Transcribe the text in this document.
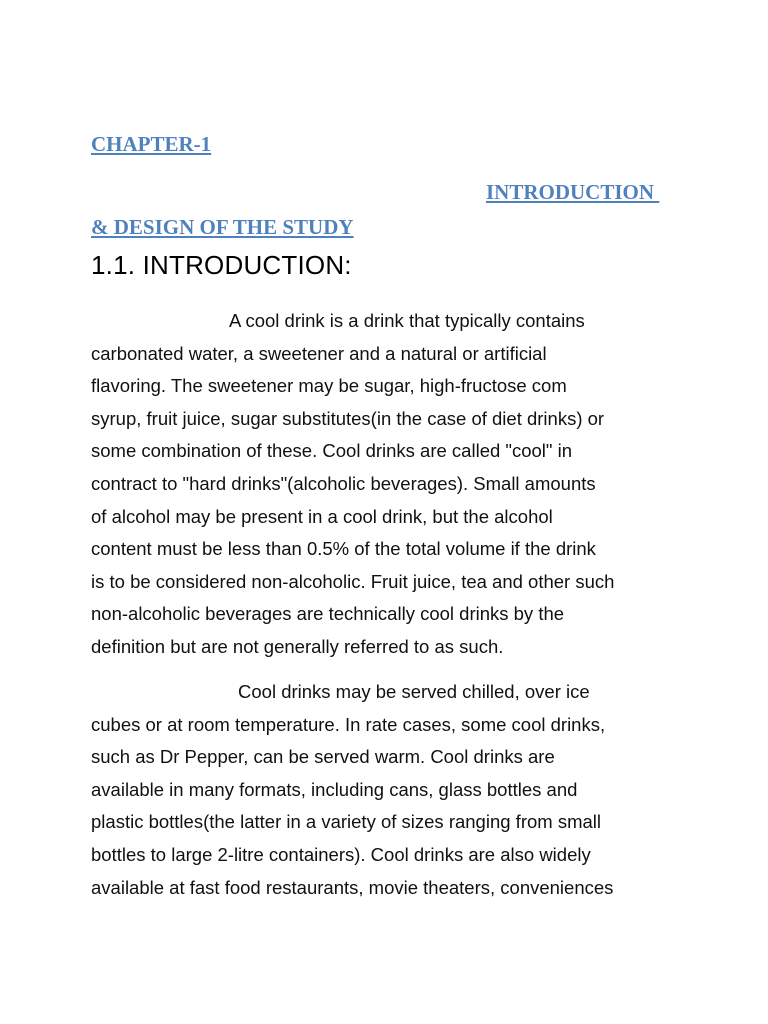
CHAPTER-1
INTRODUCTION
& DESIGN OF THE STUDY
1.1. INTRODUCTION:

A cool drink is a drink that typically contains
carbonated water, a sweetener and a natural or artificial
flavoring. The sweetener may be sugar, high-fructose com
syrup, fruit juice, sugar substitutes(in the case of diet drinks) or
some combination of these. Cool drinks are called "cool" in
contract to "hard drinks"(alcoholic beverages). Small amounts
of alcohol may be present in a cool drink, but the alcohol
content must be less than 0.5% of the total volume if the drink
is to be considered non-alcoholic. Fruit juice, tea and other such
non-alcoholic beverages are technically cool drinks by the
definition but are not generally referred to as such.

Cool drinks may be served chilled, over ice
cubes or at room temperature. In rate cases, some cool drinks,
such as Dr Pepper, can be served warm. Cool drinks are
available in many formats, including cans, glass bottles and
plastic bottles(the latter in a variety of sizes ranging from small
bottles to large 2-litre containers). Cool drinks are also widely
available at fast food restaurants, movie theaters, conveniences
